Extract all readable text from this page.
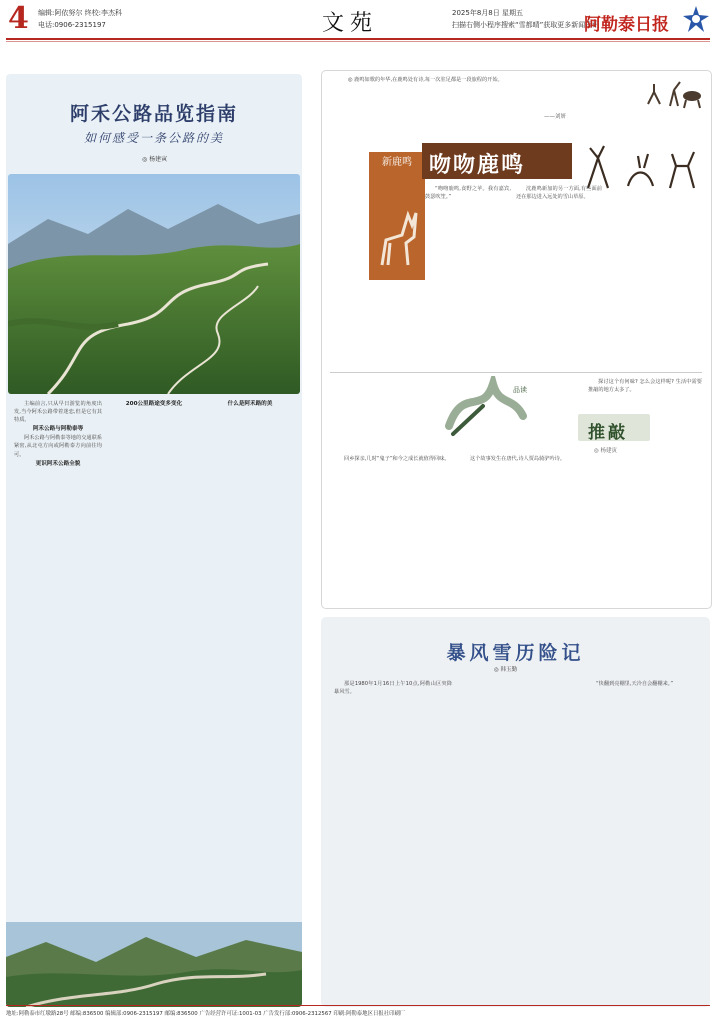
4 编辑:阿依努尔 终校:李杰科
电话:0906-2315197	文苑	2025年8月8日 星期五
扫描右侧小程序搜索“雪都晴”获取更多新闻资讯
阿勒泰日报
阿禾公路品览指南
如何感受一条公路的美
◎ 杨建寅

主编前言,只从早日游览的角度出发,当今阿禾公路带着迷恋,但是它有其特质。

阿禾公路与阿勒泰等

阿禾公路与阿勒泰等地的交通联系紧密,从北屯方向或阿勒泰方向前往均可。

更识阿禾公路全貌

200公里路途变多变化	什么是阿禾路的美

◎ 鹿鸣如歌的年华,在鹿鸣处有诗,每一次驻足都是一段旅程的开始。

——刘妍
新鹿鸣 吻吻鹿鸣

“吻吻鹿鸣,食野之苹。我有嘉宾,鼓瑟吹笙。”

沈鹿鸣新加的另一方面,有些面前还在那边进入远处的雪山草原。

品读

探讨这个有何味? 怎么会这样呢? 生活中需要推敲的地方太多了。

推敲
◎ 杨建寅

回乡探亲,几时“鬼子”和今之成长就值得回味。	这个故事发生在唐代,诗人贾岛骑驴吟诗。

暴风雪历险记
◎ 韩玉勤

那是1980年1月16日上午10点,阿勒山区突降暴风雪。

“快翻到亮棚里,天冷自会翻棚来。”

地址:阿勒泰市红墩路28号 邮编:836500 编辑部:0906-2315197 邮编:836500 广告经营许可证:1001-03 广告发行部:0906-2312567 印刷:阿勒泰地区日报社印刷厂
